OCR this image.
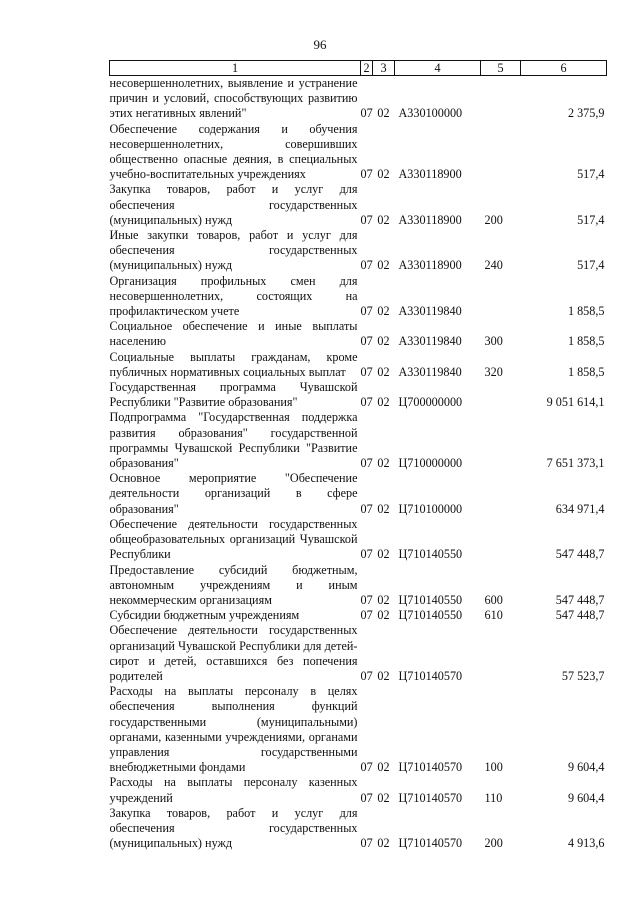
96
1	2	3	4	5	6
несовершеннолетних, выявление и устранение причин и условий, способствующих развитию этих негативных явлений"	07	02	А330100000		2 375,9
Обеспечение содержания и обучения несовершеннолетних, совершивших общественно опасные деяния, в специальных учебно-воспитательных учреждениях	07	02	А330118900		517,4
Закупка товаров, работ и услуг для обеспечения государственных (муниципальных) нужд	07	02	А330118900	200	517,4
Иные закупки товаров, работ и услуг для обеспечения государственных (муниципальных) нужд	07	02	А330118900	240	517,4
Организация профильных смен для несовершеннолетних, состоящих на профилактическом учете	07	02	А330119840		1 858,5
Социальное обеспечение и иные выплаты населению	07	02	А330119840	300	1 858,5
Социальные выплаты гражданам, кроме публичных нормативных социальных выплат	07	02	А330119840	320	1 858,5
Государственная программа Чувашской Республики "Развитие образования"	07	02	Ц700000000		9 051 614,1
Подпрограмма "Государственная поддержка развития образования" государственной программы Чувашской Республики "Развитие образования"	07	02	Ц710000000		7 651 373,1
Основное мероприятие "Обеспечение деятельности организаций в сфере образования"	07	02	Ц710100000		634 971,4
Обеспечение деятельности государственных общеобразовательных организаций Чувашской Республики	07	02	Ц710140550		547 448,7
Предоставление субсидий бюджетным, автономным учреждениям и иным некоммерческим организациям	07	02	Ц710140550	600	547 448,7
Субсидии бюджетным учреждениям	07	02	Ц710140550	610	547 448,7
Обеспечение деятельности государственных организаций Чувашской Республики для детей-сирот и детей, оставшихся без попечения родителей	07	02	Ц710140570		57 523,7
Расходы на выплаты персоналу в целях обеспечения выполнения функций государственными (муниципальными) органами, казенными учреждениями, органами управления государственными внебюджетными фондами	07	02	Ц710140570	100	9 604,4
Расходы на выплаты персоналу казенных учреждений	07	02	Ц710140570	110	9 604,4
Закупка товаров, работ и услуг для обеспечения государственных (муниципальных) нужд	07	02	Ц710140570	200	4 913,6
